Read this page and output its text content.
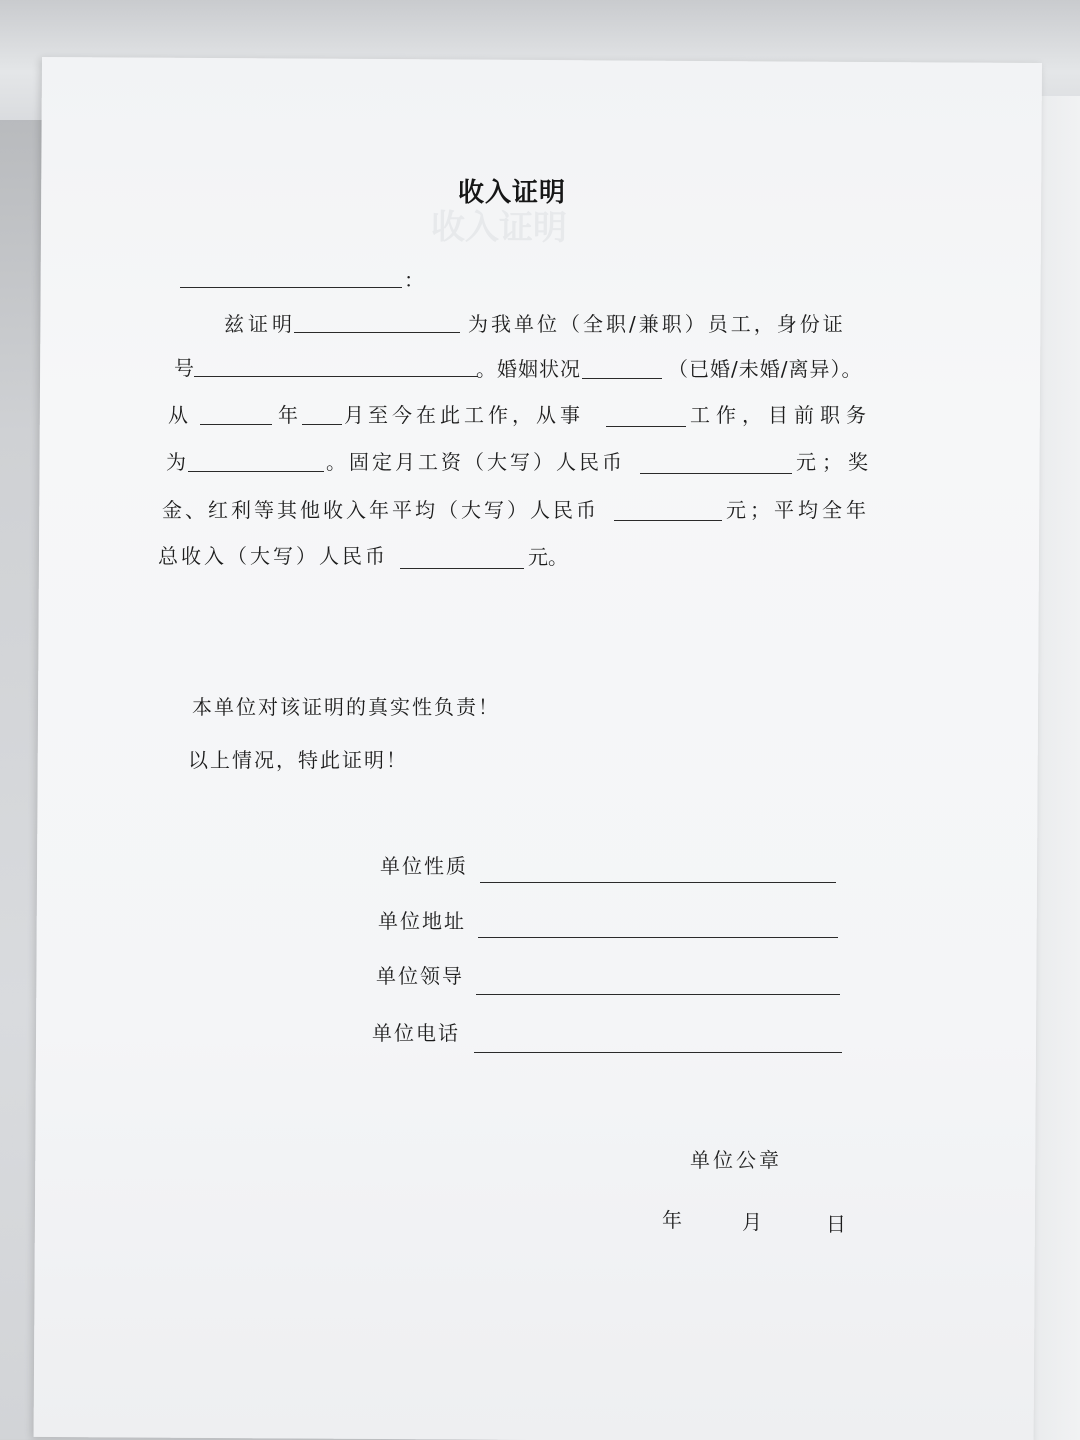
收入证明
收入证明
：
兹证明	为我单位（全职/兼职）员工，身份证
号	。婚姻状况	（已婚/未婚/离异）。
从	年 月至今在此工作，从事	工作，目前职务
为	。固定月工资（大写）人民币	元；奖
金、红利等其他收入年平均（大写）人民币	元；平均全年
总收入（大写）人民币	元。
本单位对该证明的真实性负责！
以上情况，特此证明！
单位性质
单位地址
单位领导
单位电话
单位公章
年	月	日
